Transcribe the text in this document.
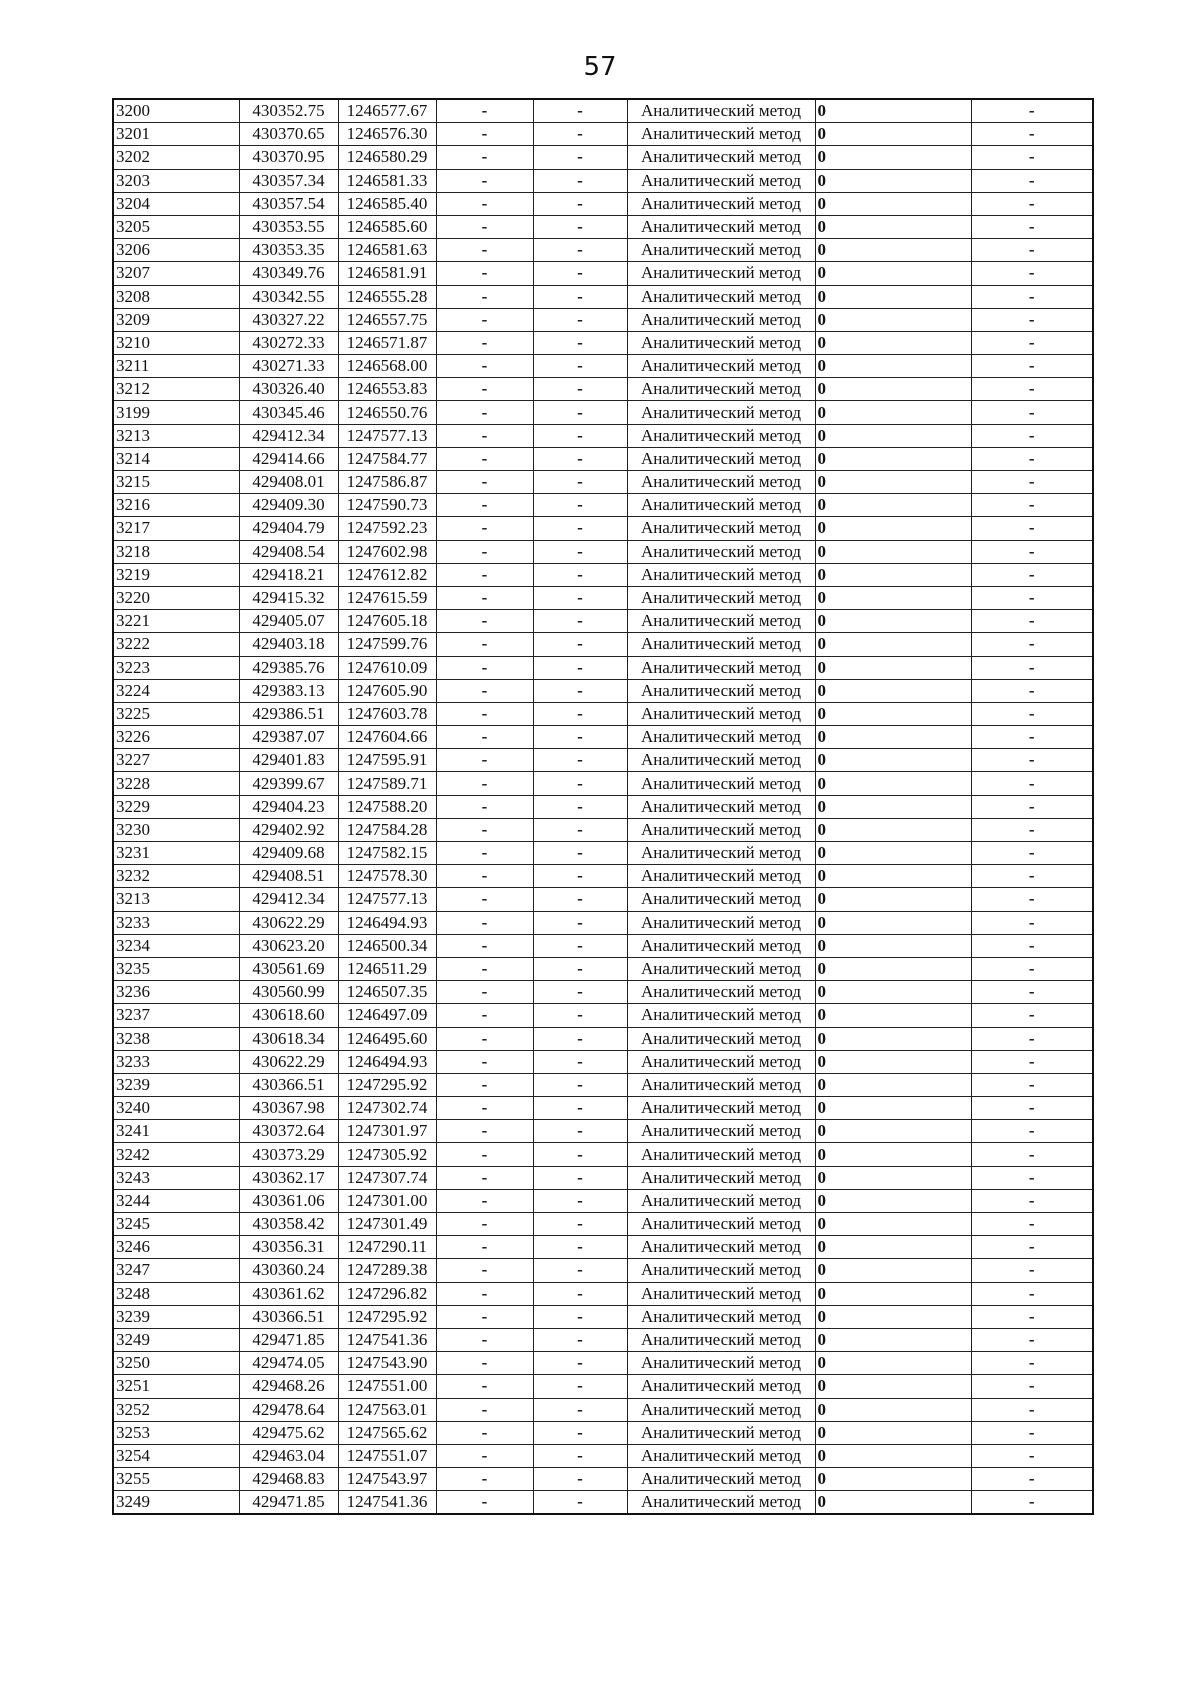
57
3200	430352.75	1246577.67	-	-	Аналитический метод	0	-
3201	430370.65	1246576.30	-	-	Аналитический метод	0	-
3202	430370.95	1246580.29	-	-	Аналитический метод	0	-
3203	430357.34	1246581.33	-	-	Аналитический метод	0	-
3204	430357.54	1246585.40	-	-	Аналитический метод	0	-
3205	430353.55	1246585.60	-	-	Аналитический метод	0	-
3206	430353.35	1246581.63	-	-	Аналитический метод	0	-
3207	430349.76	1246581.91	-	-	Аналитический метод	0	-
3208	430342.55	1246555.28	-	-	Аналитический метод	0	-
3209	430327.22	1246557.75	-	-	Аналитический метод	0	-
3210	430272.33	1246571.87	-	-	Аналитический метод	0	-
3211	430271.33	1246568.00	-	-	Аналитический метод	0	-
3212	430326.40	1246553.83	-	-	Аналитический метод	0	-
3199	430345.46	1246550.76	-	-	Аналитический метод	0	-
3213	429412.34	1247577.13	-	-	Аналитический метод	0	-
3214	429414.66	1247584.77	-	-	Аналитический метод	0	-
3215	429408.01	1247586.87	-	-	Аналитический метод	0	-
3216	429409.30	1247590.73	-	-	Аналитический метод	0	-
3217	429404.79	1247592.23	-	-	Аналитический метод	0	-
3218	429408.54	1247602.98	-	-	Аналитический метод	0	-
3219	429418.21	1247612.82	-	-	Аналитический метод	0	-
3220	429415.32	1247615.59	-	-	Аналитический метод	0	-
3221	429405.07	1247605.18	-	-	Аналитический метод	0	-
3222	429403.18	1247599.76	-	-	Аналитический метод	0	-
3223	429385.76	1247610.09	-	-	Аналитический метод	0	-
3224	429383.13	1247605.90	-	-	Аналитический метод	0	-
3225	429386.51	1247603.78	-	-	Аналитический метод	0	-
3226	429387.07	1247604.66	-	-	Аналитический метод	0	-
3227	429401.83	1247595.91	-	-	Аналитический метод	0	-
3228	429399.67	1247589.71	-	-	Аналитический метод	0	-
3229	429404.23	1247588.20	-	-	Аналитический метод	0	-
3230	429402.92	1247584.28	-	-	Аналитический метод	0	-
3231	429409.68	1247582.15	-	-	Аналитический метод	0	-
3232	429408.51	1247578.30	-	-	Аналитический метод	0	-
3213	429412.34	1247577.13	-	-	Аналитический метод	0	-
3233	430622.29	1246494.93	-	-	Аналитический метод	0	-
3234	430623.20	1246500.34	-	-	Аналитический метод	0	-
3235	430561.69	1246511.29	-	-	Аналитический метод	0	-
3236	430560.99	1246507.35	-	-	Аналитический метод	0	-
3237	430618.60	1246497.09	-	-	Аналитический метод	0	-
3238	430618.34	1246495.60	-	-	Аналитический метод	0	-
3233	430622.29	1246494.93	-	-	Аналитический метод	0	-
3239	430366.51	1247295.92	-	-	Аналитический метод	0	-
3240	430367.98	1247302.74	-	-	Аналитический метод	0	-
3241	430372.64	1247301.97	-	-	Аналитический метод	0	-
3242	430373.29	1247305.92	-	-	Аналитический метод	0	-
3243	430362.17	1247307.74	-	-	Аналитический метод	0	-
3244	430361.06	1247301.00	-	-	Аналитический метод	0	-
3245	430358.42	1247301.49	-	-	Аналитический метод	0	-
3246	430356.31	1247290.11	-	-	Аналитический метод	0	-
3247	430360.24	1247289.38	-	-	Аналитический метод	0	-
3248	430361.62	1247296.82	-	-	Аналитический метод	0	-
3239	430366.51	1247295.92	-	-	Аналитический метод	0	-
3249	429471.85	1247541.36	-	-	Аналитический метод	0	-
3250	429474.05	1247543.90	-	-	Аналитический метод	0	-
3251	429468.26	1247551.00	-	-	Аналитический метод	0	-
3252	429478.64	1247563.01	-	-	Аналитический метод	0	-
3253	429475.62	1247565.62	-	-	Аналитический метод	0	-
3254	429463.04	1247551.07	-	-	Аналитический метод	0	-
3255	429468.83	1247543.97	-	-	Аналитический метод	0	-
3249	429471.85	1247541.36	-	-	Аналитический метод	0	-
